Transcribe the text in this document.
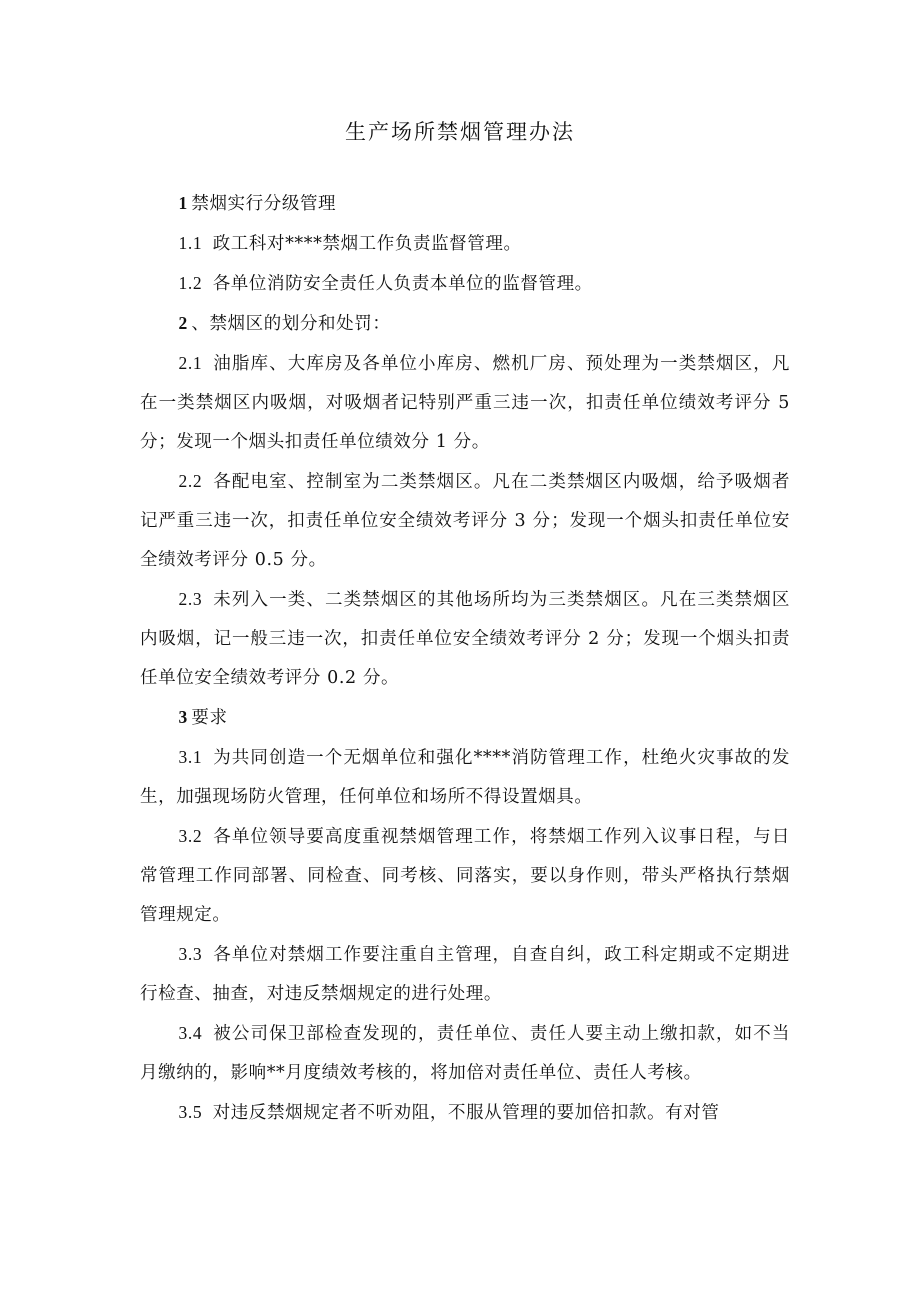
生产场所禁烟管理办法

1 禁烟实行分级管理

1.1 政工科对****禁烟工作负责监督管理。

1.2 各单位消防安全责任人负责本单位的监督管理。

2 、禁烟区的划分和处罚：

2.1 油脂库、大库房及各单位小库房、燃机厂房、预处理为一类禁烟区，凡在一类禁烟区内吸烟，对吸烟者记特别严重三违一次，扣责任单位绩效考评分 5 分；发现一个烟头扣责任单位绩效分 1 分。

2.2 各配电室、控制室为二类禁烟区。凡在二类禁烟区内吸烟，给予吸烟者记严重三违一次，扣责任单位安全绩效考评分 3 分；发现一个烟头扣责任单位安全绩效考评分 0.5 分。

2.3 未列入一类、二类禁烟区的其他场所均为三类禁烟区。凡在三类禁烟区内吸烟，记一般三违一次，扣责任单位安全绩效考评分 2 分；发现一个烟头扣责任单位安全绩效考评分 0.2 分。

3 要求

3.1 为共同创造一个无烟单位和强化****消防管理工作，杜绝火灾事故的发生，加强现场防火管理，任何单位和场所不得设置烟具。

3.2 各单位领导要高度重视禁烟管理工作，将禁烟工作列入议事日程，与日常管理工作同部署、同检查、同考核、同落实，要以身作则，带头严格执行禁烟管理规定。

3.3 各单位对禁烟工作要注重自主管理，自查自纠，政工科定期或不定期进行检查、抽查，对违反禁烟规定的进行处理。

3.4 被公司保卫部检查发现的，责任单位、责任人要主动上缴扣款，如不当月缴纳的，影响**月度绩效考核的，将加倍对责任单位、责任人考核。

3.5 对违反禁烟规定者不听劝阻，不服从管理的要加倍扣款。有对管
